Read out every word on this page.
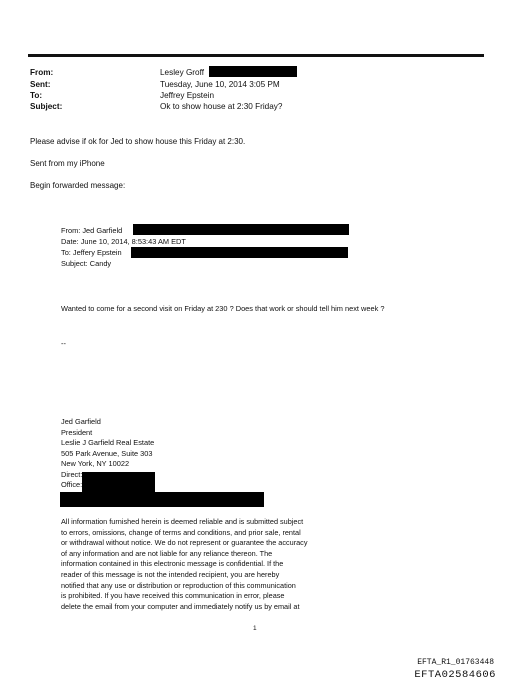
From:
Sent:
To:
Subject:
Lesley Groff
Tuesday, June 10, 2014 3:05 PM
Jeffrey Epstein
Ok to show house at 2:30 Friday?
Please advise if ok for Jed to show house this Friday at 2:30.
Sent from my iPhone
Begin forwarded message:
From: Jed Garfield
Date: June 10, 2014, 8:53:43 AM EDT
To: Jeffery Epstein
Subject: Candy
Wanted to come for a second visit on Friday at 230 ? Does that work or should tell him next week ?
--
Jed Garfield
President
Leslie J Garfield Real Estate
505 Park Avenue, Suite 303
New York, NY 10022
Direct:
Office:
All information furnished herein is deemed reliable and is submitted subject
to errors, omissions, change of terms and conditions, and prior sale, rental
or withdrawal without notice. We do not represent or guarantee the accuracy
of any information and are not liable for any reliance thereon. The
information contained in this electronic message is confidential. If the
reader of this message is not the intended recipient, you are hereby
notified that any use or distribution or reproduction of this communication
is prohibited. If you have received this communication in error, please
delete the email from your computer and immediately notify us by email at
1
EFTA_R1_01763448
EFTA02584606
